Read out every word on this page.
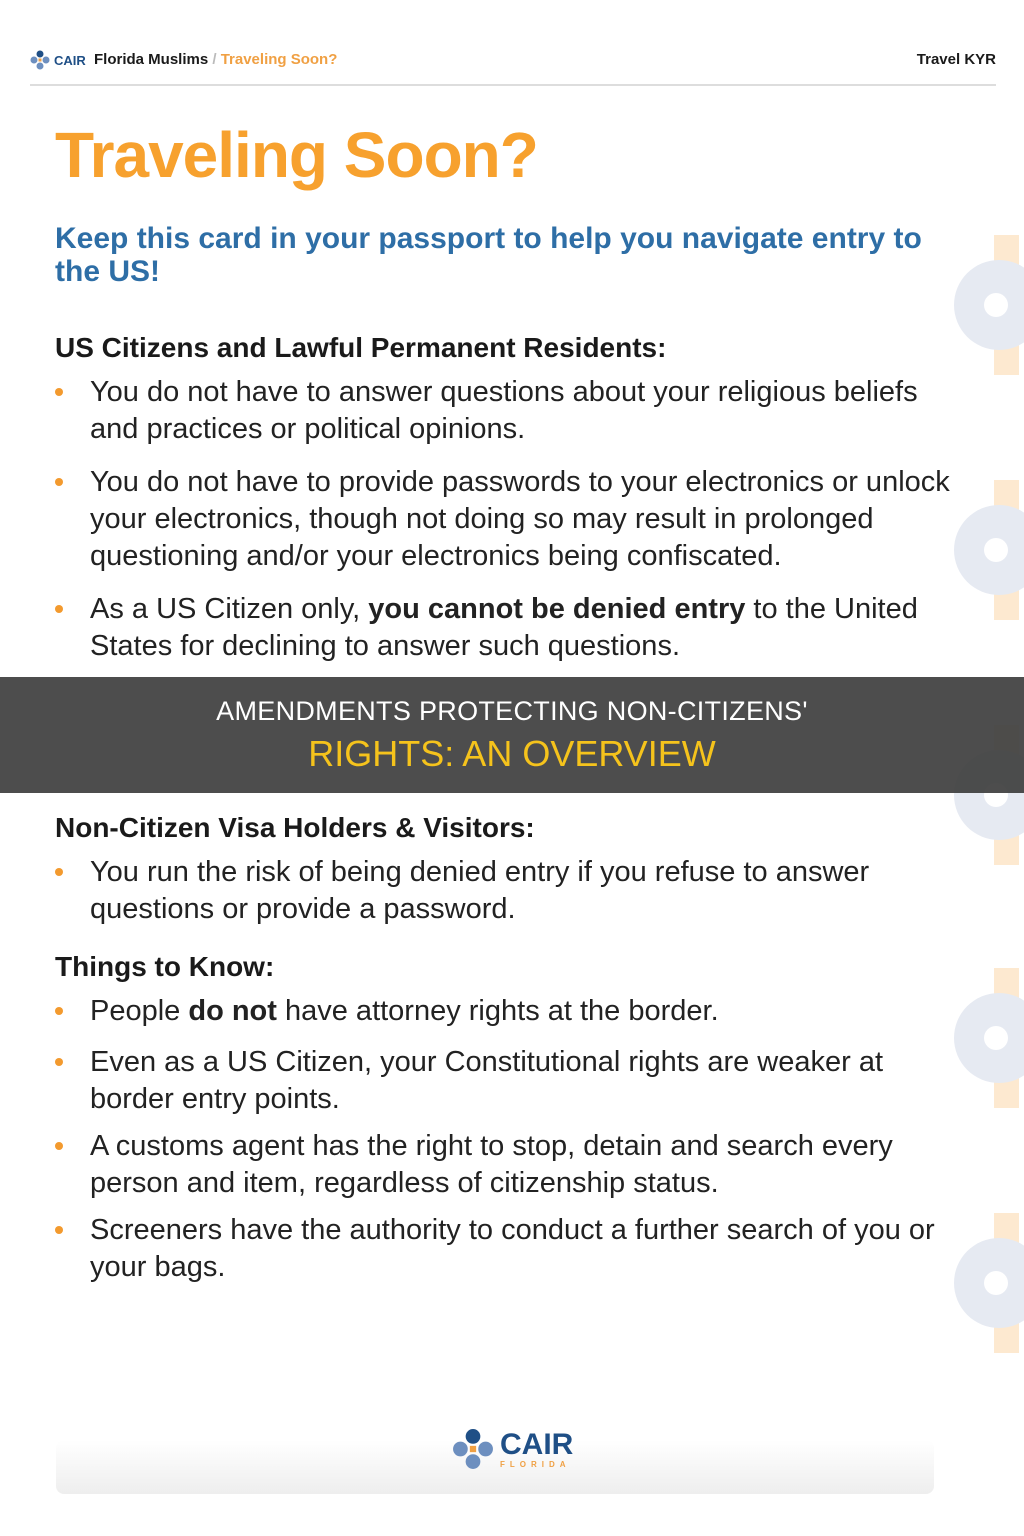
CAIR Florida Muslims / Traveling Soon?	Travel KYR
Traveling Soon?
Keep this card in your passport to help you navigate entry to the US!
US Citizens and Lawful Permanent Residents:
You do not have to answer questions about your religious beliefs and practices or political opinions.
You do not have to provide passwords to your electronics or unlock your electronics, though not doing so may result in prolonged questioning and/or your electronics being confiscated.
As a US Citizen only, you cannot be denied entry to the United States for declining to answer such questions.
AMENDMENTS PROTECTING NON-CITIZENS'
RIGHTS: AN OVERVIEW
Non-Citizen Visa Holders & Visitors:
You run the risk of being denied entry if you refuse to answer questions or provide a password.
Things to Know:
People do not have attorney rights at the border.
Even as a US Citizen, your Constitutional rights are weaker at border entry points.
A customs agent has the right to stop, detain and search every person and item, regardless of citizenship status.
Screeners have the authority to conduct a further search of you or your bags.
CAIR
FLORIDA
